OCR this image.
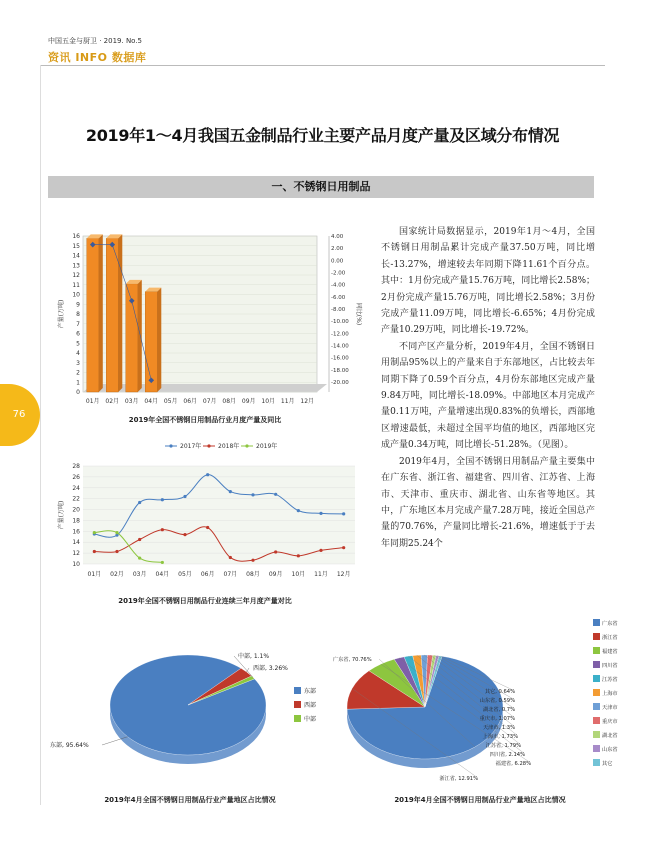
中国五金与厨卫 · 2019. No.5
资讯 INFO 数据库
76
2019年1～4月我国五金制品行业主要产品月度产量及区域分布情况
一、不锈钢日用制品

国家统计局数据显示，2019年1月～4月，全国不锈钢日用制品累计完成产量37.50万吨，同比增长-13.27%，增速较去年同期下降11.61个百分点。其中：1月份完成产量15.76万吨，同比增长2.58%；2月份完成产量15.76万吨，同比增长2.58%；3月份完成产量11.09万吨，同比增长-6.65%；4月份完成产量10.29万吨，同比增长-19.72%。

不同产区产量分析，2019年4月，全国不锈钢日用制品95%以上的产量来自于东部地区，占比较去年同期下降了0.59个百分点，4月份东部地区完成产量9.84万吨，同比增长-18.09%。中部地区本月完成产量0.11万吨，产量增速出现0.83%的负增长，西部地区增速最低，未超过全国平均值的地区，西部地区完成产量0.34万吨，同比增长-51.28%。（见图）。

2019年4月，全国不锈钢日用制品产量主要集中在广东省、浙江省、福建省、四川省、江苏省、上海市、天津市、重庆市、湖北省、山东省等地区。其中，广东地区本月完成产量7.28万吨，接近全国总产量的70.76%，产量同比增长-21.6%，增速低于于去年同期25.24个

0
1
2
3
4
5
6
7
8
9
10
11
12
13
14
15
16	4.00
2.00
0.00
-2.00
-4.00
-6.00
-8.00
-10.00
-12.00
-14.00
-16.00
-18.00
-20.00
01月 02月 03月 04月 05月 06月 07月 08月 09月 10月 11月 12月
产量(万吨)	同比(%)
2019年全国不锈钢日用制品行业月度产量及同比
10
12
14
16
18
20
22
24
26
28
01月 02月 03月 04月 05月 06月 07月 08月 09月 10月 11月 12月
产量(万吨)
2017年	2018年	2019年
2019年全国不锈钢日用制品行业连续三年月度产量对比
东部, 95.64%
西部, 3.26%
中部, 1.1%
东部
西部
中部
2019年4月全国不锈钢日用制品行业产量地区占比情况
广东省, 70.76%
浙江省, 12.91%
福建省, 6.28%
四川省, 2.14%
江苏省, 1.79%
上海市, 1.73%
天津市, 1.3%
重庆市, 1.07%
湖北省, 0.7%
山东省, 0.59%
其它, 0.64%
广东省
浙江省
福建省
四川省
江苏省
上海市
天津市
重庆市
湖北省
山东省
其它
2019年4月全国不锈钢日用制品行业产量地区占比情况
